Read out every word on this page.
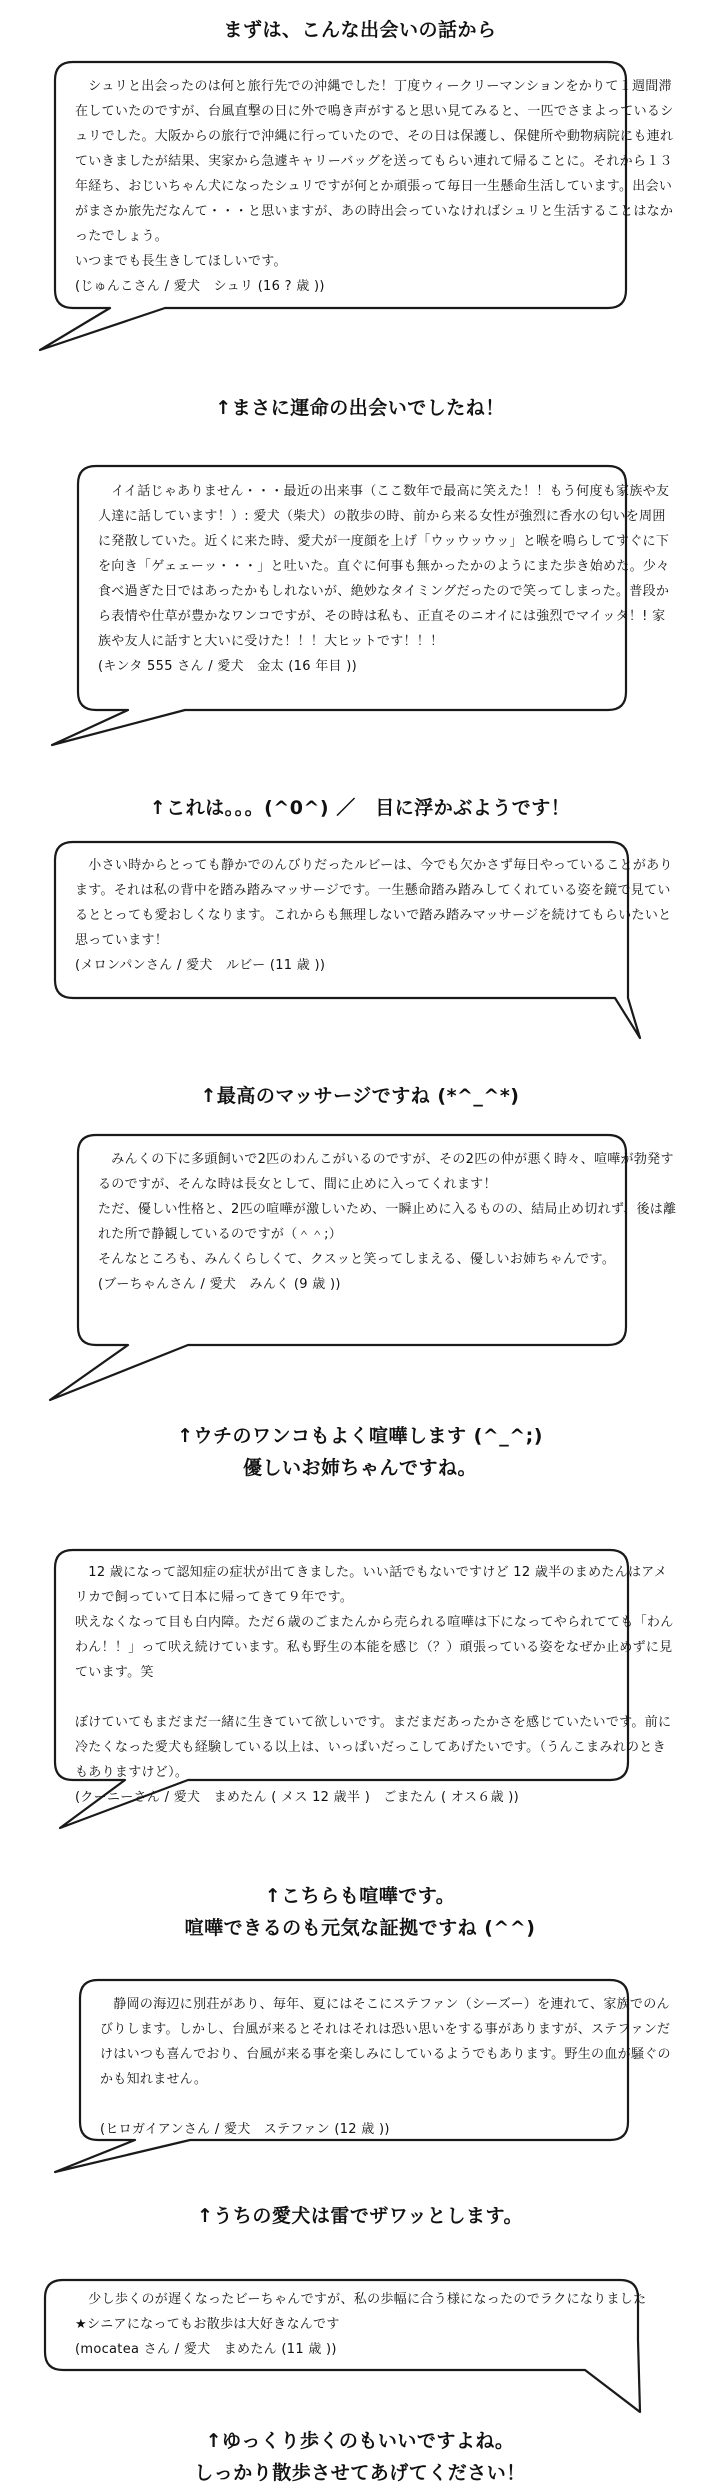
まずは、こんな出会いの話から

　シュリと出会ったのは何と旅行先での沖縄でした！丁度ウィークリーマンションをかりて１週間滞在していたのですが、台風直撃の日に外で鳴き声がすると思い見てみると、一匹でさまよっているシュリでした。大阪からの旅行で沖縄に行っていたので、その日は保護し、保健所や動物病院にも連れていきましたが結果、実家から急遽キャリーバッグを送ってもらい連れて帰ることに。それから１３年経ち、おじいちゃん犬になったシュリですが何とか頑張って毎日一生懸命生活しています。出会いがまさか旅先だなんて・・・と思いますが、あの時出会っていなければシュリと生活することはなかったでしょう。

いつまでも長生きしてほしいです。

(じゅんこさん / 愛犬　シュリ (16 ? 歳 ))

↑まさに運命の出会いでしたね！

　イイ話じゃありません・・・最近の出来事（ここ数年で最高に笑えた！！もう何度も家族や友人達に話しています！）: 愛犬（柴犬）の散歩の時、前から来る女性が強烈に香水の匂いを周囲に発散していた。近くに来た時、愛犬が一度顔を上げ「ウッウッウッ」と喉を鳴らしてすぐに下を向き「ゲェェーッ・・・」と吐いた。直ぐに何事も無かったかのようにまた歩き始めた。少々食べ過ぎた日ではあったかもしれないが、絶妙なタイミングだったので笑ってしまった。普段から表情や仕草が豊かなワンコですが、その時は私も、正直そのニオイには強烈でマイッタ！! 家族や友人に話すと大いに受けた！！！大ヒットです！！！

(キンタ 555 さん / 愛犬　金太 (16 年目 ))

↑これは。。。(^0^) ／　目に浮かぶようです！

　小さい時からとっても静かでのんびりだったルビーは、今でも欠かさず毎日やっていることがあります。それは私の背中を踏み踏みマッサージです。一生懸命踏み踏みしてくれている姿を鏡で見ているととっても愛おしくなります。これからも無理しないで踏み踏みマッサージを続けてもらいたいと思っています！

(メロンパンさん / 愛犬　ルビー (11 歳 ))

↑最高のマッサージですね (*^_^*)

　みんくの下に多頭飼いで2匹のわんこがいるのですが、その2匹の仲が悪く時々、喧嘩が勃発するのですが、そんな時は長女として、間に止めに入ってくれます！

ただ、優しい性格と、2匹の喧嘩が激しいため、一瞬止めに入るものの、結局止め切れず、後は離れた所で静観しているのですが（＾＾;）

そんなところも、みんくらしくて、クスッと笑ってしまえる、優しいお姉ちゃんです。

(ブーちゃんさん / 愛犬　みんく (9 歳 ))

↑ウチのワンコもよく喧嘩します (^_^;)
優しいお姉ちゃんですね。

　12 歳になって認知症の症状が出てきました。いい話でもないですけど 12 歳半のまめたんはアメリカで飼っていて日本に帰ってきて９年です。

吠えなくなって目も白内障。ただ６歳のごまたんから売られる喧嘩は下になってやられてても「わんわん！！」って吠え続けています。私も野生の本能を感じ（？）頑張っている姿をなぜか止めずに見ています。笑

ぼけていてもまだまだ一緒に生きていて欲しいです。まだまだあったかさを感じていたいです。前に冷たくなった愛犬も経験している以上は、いっぱいだっこしてあげたいです。（うんこまみれのときもありますけど）。

(クーニーさん / 愛犬　まめたん ( メス 12 歳半 )　ごまたん ( オス６歳 ))

↑こちらも喧嘩です。
喧嘩できるのも元気な証拠ですね (^^)

　静岡の海辺に別荘があり、毎年、夏にはそこにステファン（シーズー）を連れて、家族でのんびりします。しかし、台風が来るとそれはそれは恐い思いをする事がありますが、ステファンだけはいつも喜んでおり、台風が来る事を楽しみにしているようでもあります。野生の血が騒ぐのかも知れません。

(ヒロガイアンさん / 愛犬　ステファン (12 歳 ))

↑うちの愛犬は雷でザワッとします。

　少し歩くのが遅くなったビーちゃんですが、私の歩幅に合う様になったのでラクになりました★シニアになってもお散歩は大好きなんです

(mocatea さん / 愛犬　まめたん (11 歳 ))

↑ゆっくり歩くのもいいですよね。
しっかり散歩させてあげてください！
